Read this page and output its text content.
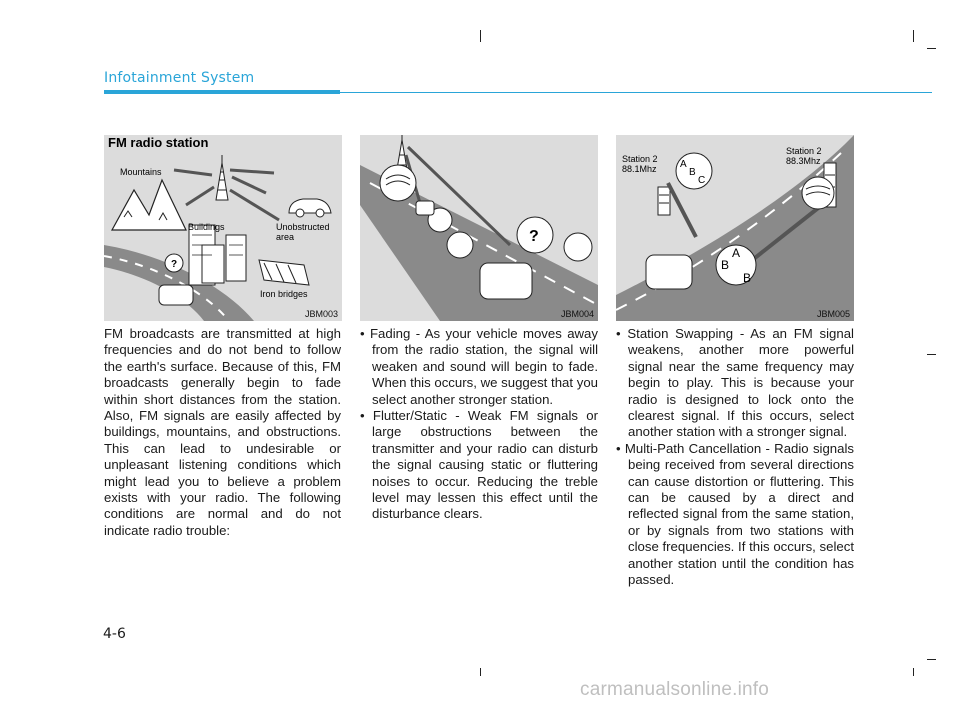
Infotainment System
?
FM radio station
Mountains
Buildings	Unobstructed
area
Iron bridges
JBM003
?
JBM004
A
B
C
A
B
B
Station 2
88.1Mhz
Station 2
88.3Mhz
JBM005

FM broadcasts are transmitted at high frequencies and do not bend to follow the earth's surface. Because of this, FM broadcasts generally begin to fade within short distances from the station. Also, FM signals are easily affected by buildings, mountains, and obstructions. This can lead to undesirable or unpleasant listening conditions which might lead you to believe a problem exists with your radio. The following conditions are normal and do not indicate radio trouble:

• Fading - As your vehicle moves away from the radio station, the signal will weaken and sound will begin to fade. When this occurs, we suggest that you select another stronger station.

• Flutter/Static - Weak FM signals or large obstructions between the transmitter and your radio can disturb the signal causing static or fluttering noises to occur. Reducing the treble level may lessen this effect until the disturbance clears.

• Station Swapping - As an FM signal weakens, another more powerful signal near the same frequency may begin to play. This is because your radio is designed to lock onto the clearest signal. If this occurs, select another station with a stronger signal.

• Multi-Path Cancellation - Radio signals being received from several directions can cause distortion or fluttering. This can be caused by a direct and reflected signal from the same station, or by signals from two stations with close frequencies. If this occurs, select another station until the condition has passed.

4-6
carmanualsonline.info
